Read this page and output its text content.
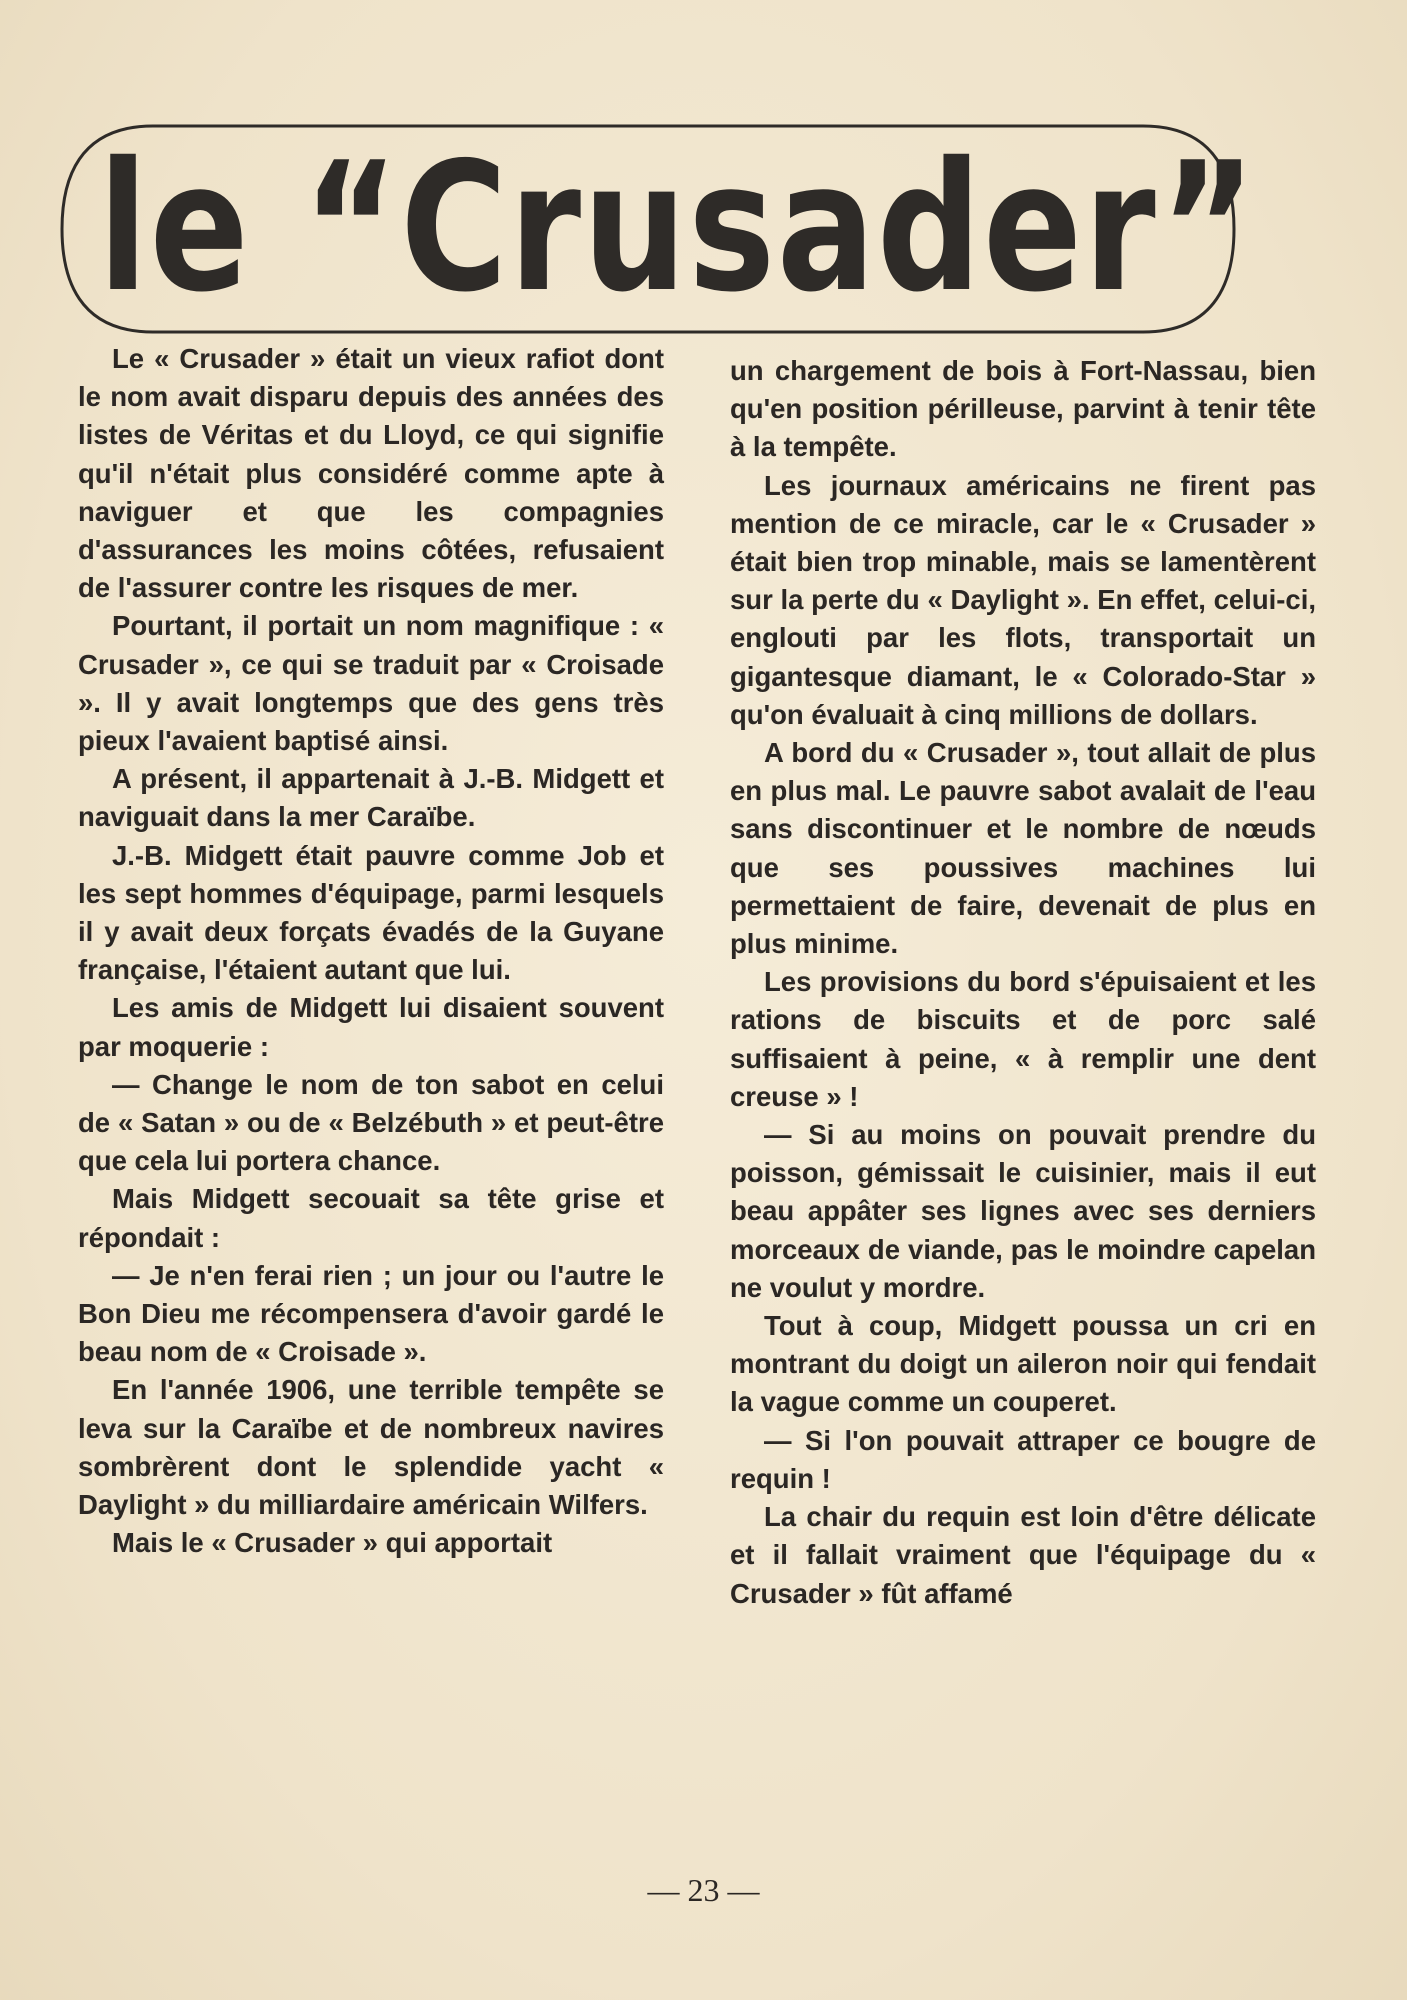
le “Crusader”

Le « Crusader » était un vieux rafiot dont le nom avait disparu depuis des années des listes de Véritas et du Lloyd, ce qui signifie qu'il n'était plus considéré comme apte à naviguer et que les compagnies d'assurances les moins côtées, refusaient de l'assurer contre les risques de mer.

Pourtant, il portait un nom magnifique : « Crusader », ce qui se traduit par « Croisade ». Il y avait longtemps que des gens très pieux l'avaient baptisé ainsi.

A présent, il appartenait à J.-B. Midgett et naviguait dans la mer Caraïbe.

J.-B. Midgett était pauvre comme Job et les sept hommes d'équipage, parmi lesquels il y avait deux forçats évadés de la Guyane française, l'étaient autant que lui.

Les amis de Midgett lui disaient souvent par moquerie :

— Change le nom de ton sabot en celui de « Satan » ou de « Belzébuth » et peut-être que cela lui portera chance.

Mais Midgett secouait sa tête grise et répondait :

— Je n'en ferai rien ; un jour ou l'autre le Bon Dieu me récompensera d'avoir gardé le beau nom de « Croisade ».

En l'année 1906, une terrible tempête se leva sur la Caraïbe et de nombreux navires sombrèrent dont le splendide yacht « Daylight » du milliardaire américain Wilfers.

Mais le « Crusader » qui apportait

un chargement de bois à Fort-Nassau, bien qu'en position périlleuse, parvint à tenir tête à la tempête.

Les journaux américains ne firent pas mention de ce miracle, car le « Crusader » était bien trop minable, mais se lamentèrent sur la perte du « Daylight ». En effet, celui-ci, englouti par les flots, transportait un gigantesque diamant, le « Colorado-Star » qu'on évaluait à cinq millions de dollars.

A bord du « Crusader », tout allait de plus en plus mal. Le pauvre sabot avalait de l'eau sans discontinuer et le nombre de nœuds que ses poussives machines lui permettaient de faire, devenait de plus en plus minime.

Les provisions du bord s'épuisaient et les rations de biscuits et de porc salé suffisaient à peine, « à remplir une dent creuse » !

— Si au moins on pouvait prendre du poisson, gémissait le cuisinier, mais il eut beau appâter ses lignes avec ses derniers morceaux de viande, pas le moindre capelan ne voulut y mordre.

Tout à coup, Midgett poussa un cri en montrant du doigt un aileron noir qui fendait la vague comme un couperet.

— Si l'on pouvait attraper ce bougre de requin !

La chair du requin est loin d'être délicate et il fallait vraiment que l'équipage du « Crusader » fût affamé

— 23 —
